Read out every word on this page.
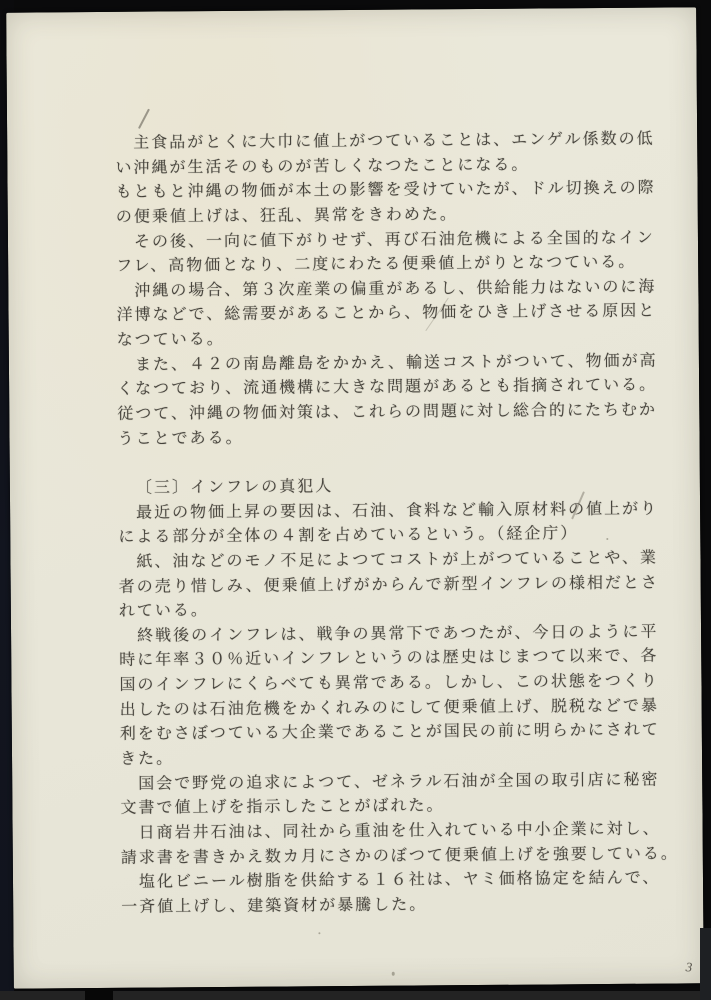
主食品がとくに大巾に値上がつていることは、エンゲル係数の低
い沖縄が生活そのものが苦しくなつたことになる。
もともと沖縄の物価が本土の影響を受けていたが、ドル切換えの際
の便乗値上げは、狂乱、異常をきわめた。
その後、一向に値下がりせず、再び石油危機による全国的なイン
フレ、高物価となり、二度にわたる便乗値上がりとなつている。
沖縄の場合、第３次産業の偏重があるし、供給能力はないのに海
洋博などで、総需要があることから、物価をひき上げさせる原因と
なつている。
また、４２の南島離島をかかえ、輸送コストがついて、物価が高
くなつており、流通機構に大きな問題があるとも指摘されている。
従つて、沖縄の物価対策は、これらの問題に対し総合的にたちむか
うことである。
〔三〕インフレの真犯人
最近の物価上昇の要因は、石油、食料など輸入原材料の値上がり
による部分が全体の４割を占めているという。（経企庁）
紙、油などのモノ不足によつてコストが上がつていることや、業
者の売り惜しみ、便乗値上げがからんで新型インフレの様相だとさ
れている。
終戦後のインフレは、戦争の異常下であつたが、今日のように平
時に年率３０％近いインフレというのは歴史はじまつて以来で、各
国のインフレにくらべても異常である。しかし、この状態をつくり
出したのは石油危機をかくれみのにして便乗値上げ、脱税などで暴
利をむさぼつている大企業であることが国民の前に明らかにされて
きた。
国会で野党の追求によつて、ゼネラル石油が全国の取引店に秘密
文書で値上げを指示したことがばれた。
日商岩井石油は、同社から重油を仕入れている中小企業に対し、
請求書を書きかえ数カ月にさかのぼつて便乗値上げを強要している。
塩化ビニール樹脂を供給する１６社は、ヤミ価格協定を結んで、
一斉値上げし、建築資材が暴騰した。
3
